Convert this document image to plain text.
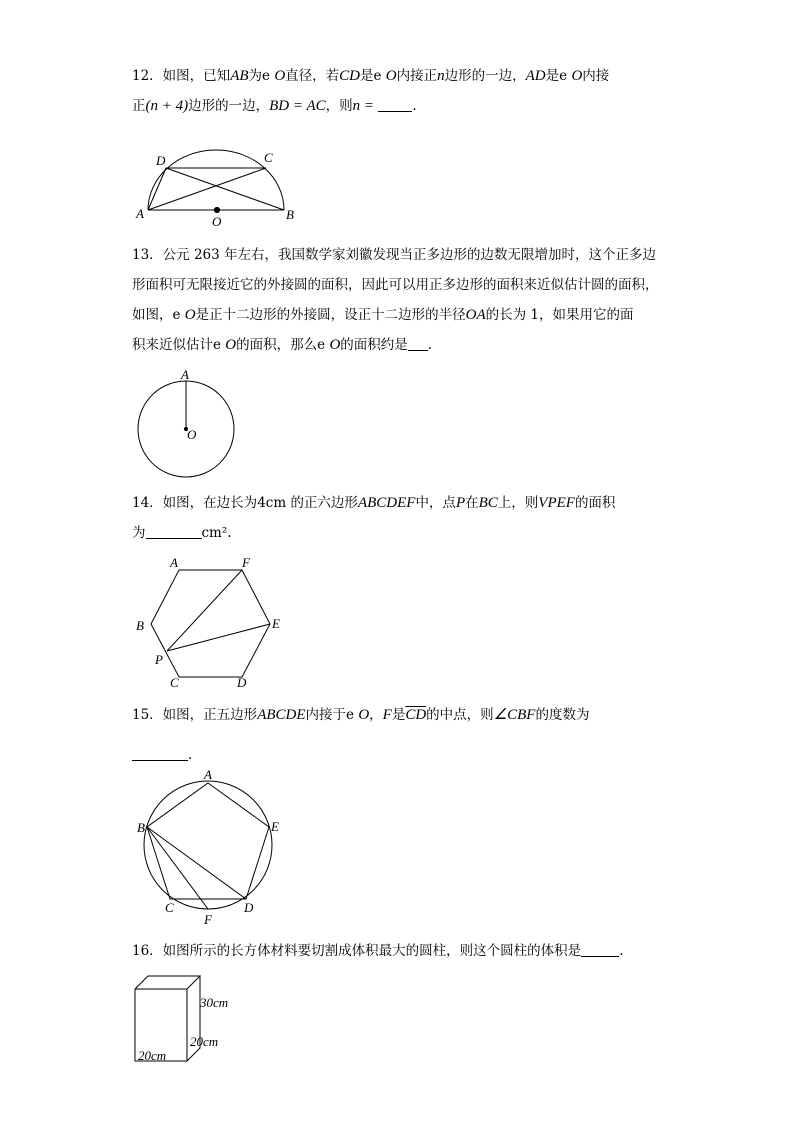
12．如图，已知AB为e O直径，若CD是e O内接正n边形的一边，AD是e O内接
正(n + 4)边形的一边，BD = AC，则n =	.
A	B
C
D
O
13．公元 263 年左右，我国数学家刘徽发现当正多边形的边数无限增加时，这个正多边
形面积可无限接近它的外接圆的面积，因此可以用正多边形的面积来近似估计圆的面积，
如图，e O是正十二边形的外接圆，设正十二边形的半径OA的长为 1，如果用它的面
积来近似估计e O的面积，那么e O的面积约是 .
A
O
14．如图，在边长为4cm 的正六边形ABCDEF中，点P在BC上，则VPEF的面积
为	cm².
A
B
C	D
E
F
P
15．如图，正五边形ABCDE内接于e O，F是$\overline{CD}$的中点，则∠CBF的度数为
.
A
B
C	D
E
F
16．如图所示的长方体材料要切割成体积最大的圆柱，则这个圆柱的体积是	.
30cm
20cm
20cm
